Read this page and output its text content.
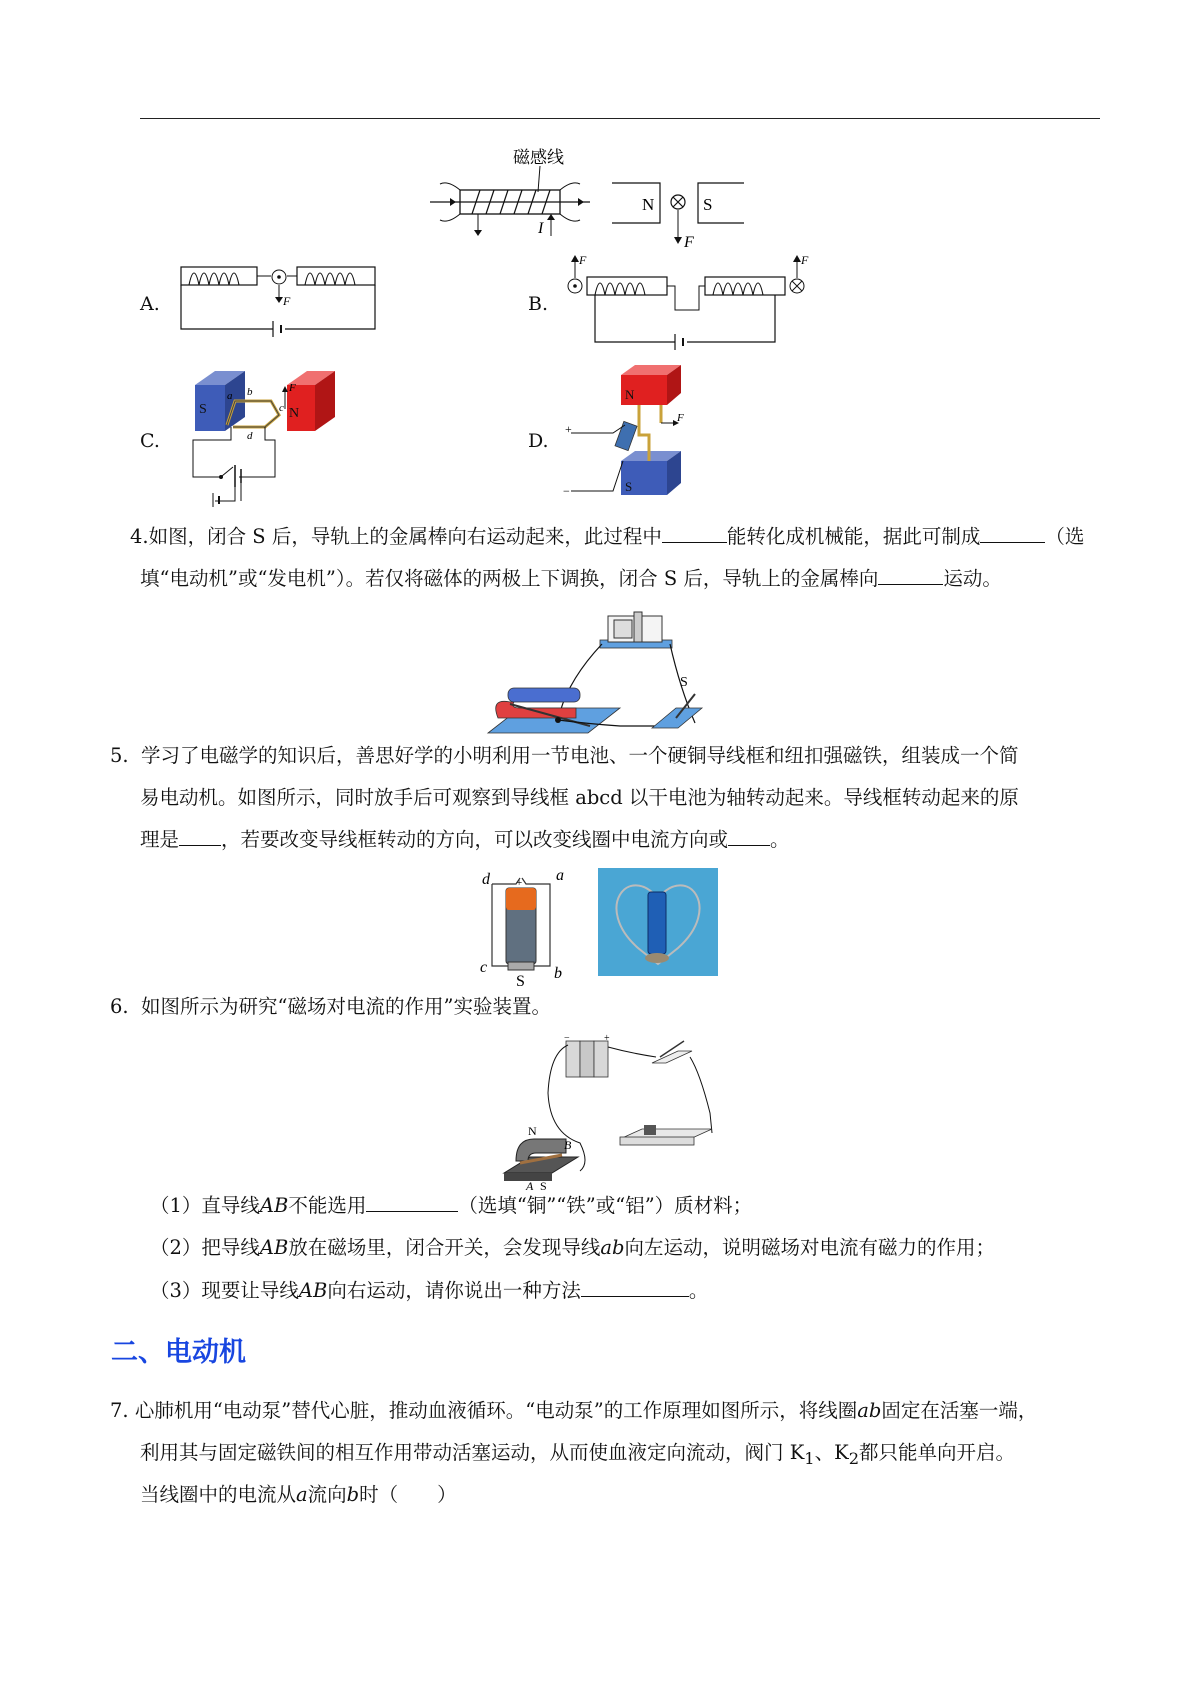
磁感线
I
N	S
F
A.	F	B.
F	F
C.
S	N
a b
c
d
F
D.
N
S
F
+
−
4.如图，闭合 S 后，导轨上的金属棒向右运动起来，此过程中	能转化成机械能，据此可制成	（选
填“电动机”或“发电机”）。若仅将磁体的两极上下调换，闭合 S 后，导轨上的金属棒向	运动。
S
5. 学习了电磁学的知识后，善思好学的小明利用一节电池、一个硬铜导线框和纽扣强磁铁，组装成一个简
易电动机。如图所示，同时放手后可观察到导线框 abcd 以干电池为轴转动起来。导线框转动起来的原
理是 ，若要改变导线框转动的方向，可以改变线圈中电流方向或 。
+
d	a
c	b
S
6. 如图所示为研究“磁场对电流的作用”实验装置。
−	+
N
B
A S
（1）直导线AB不能选用	（选填“铜”“铁”或“铝”）质材料；
（2）把导线AB放在磁场里，闭合开关，会发现导线ab向左运动，说明磁场对电流有磁力的作用；
（3）现要让导线AB向右运动，请你说出一种方法	。
二、电动机
7. 心肺机用“电动泵”替代心脏，推动血液循环。“电动泵”的工作原理如图所示，将线圈ab固定在活塞一端，
利用其与固定磁铁间的相互作用带动活塞运动，从而使血液定向流动，阀门 $K_1$、$K_2$都只能单向开启。
当线圈中的电流从a流向b时（　　）
